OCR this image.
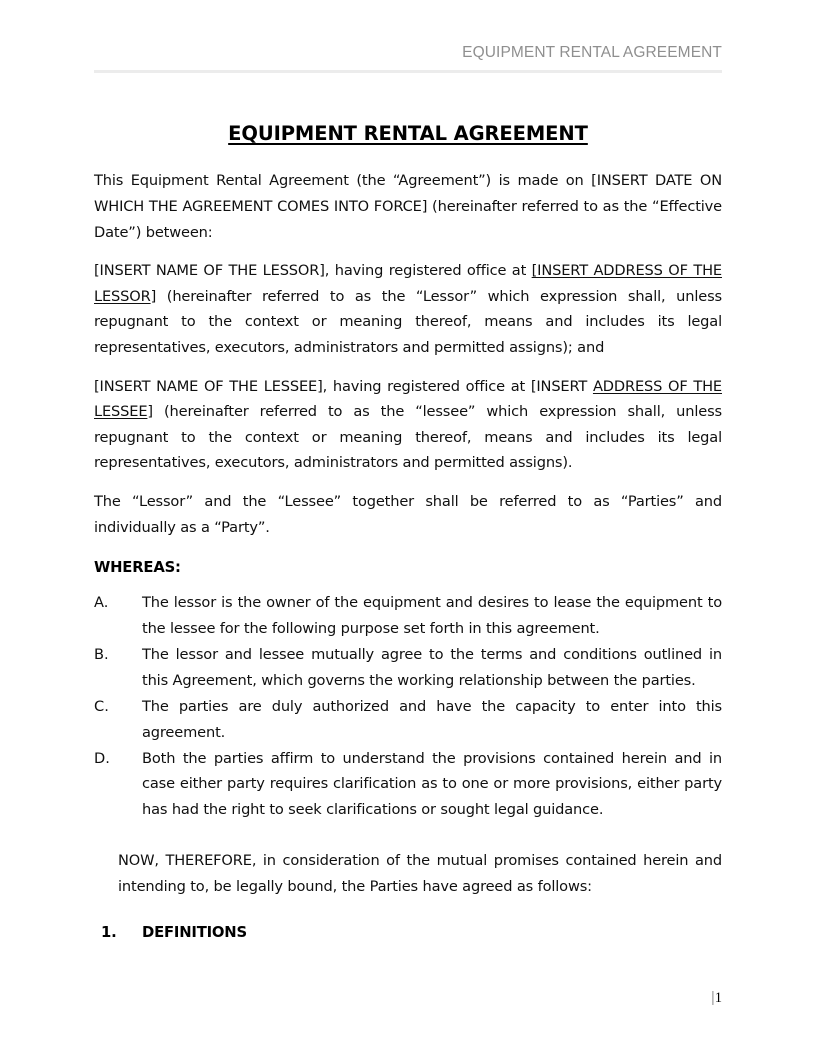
EQUIPMENT RENTAL AGREEMENT
EQUIPMENT RENTAL AGREEMENT

This Equipment Rental Agreement (the “Agreement”) is made on [INSERT DATE ON WHICH THE AGREEMENT COMES INTO FORCE] (hereinafter referred to as the “Effective Date”) between:

[INSERT NAME OF THE LESSOR], having registered office at [INSERT ADDRESS OF THE LESSOR] (hereinafter referred to as the “Lessor” which expression shall, unless repugnant to the context or meaning thereof, means and includes its legal representatives, executors, administrators and permitted assigns); and

[INSERT NAME OF THE LESSEE], having registered office at [INSERT ADDRESS OF THE LESSEE] (hereinafter referred to as the “lessee” which expression shall, unless repugnant to the context or meaning thereof, means and includes its legal representatives, executors, administrators and permitted assigns).

The “Lessor” and the “Lessee” together shall be referred to as “Parties” and individually as a “Party”.

WHEREAS:
A.	The lessor is the owner of the equipment and desires to lease the equipment to the lessee for the following purpose set forth in this agreement.
B.	The lessor and lessee mutually agree to the terms and conditions outlined in this Agreement, which governs the working relationship between the parties.
C.	The parties are duly authorized and have the capacity to enter into this agreement.
D.	Both the parties affirm to understand the provisions contained herein and in case either party requires clarification as to one or more provisions, either party has had the right to seek clarifications or sought legal guidance.

NOW, THEREFORE, in consideration of the mutual promises contained herein and intending to, be legally bound, the Parties have agreed as follows:

1. DEFINITIONS
|1
